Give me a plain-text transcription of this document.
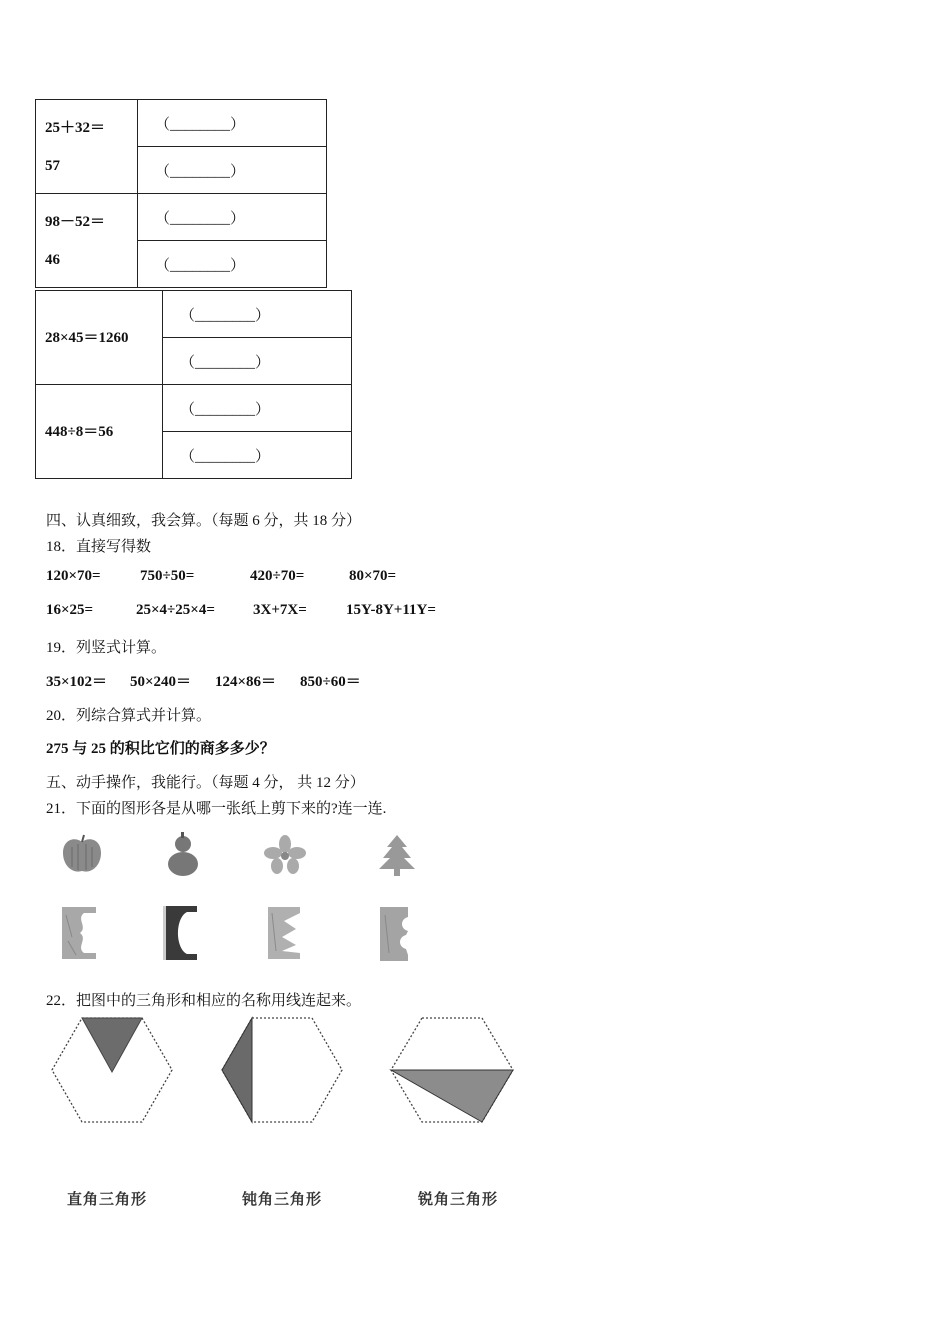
25＋32＝
57	（________）
	（________）

98－52＝
46	（________）
	（________）
28×45＝1260	（________）
	（________）
448÷8＝56	（________）
	（________）
四、认真细致，我会算。（每题 6 分，共 18 分）
18．直接写得数
120×70=	750÷50=	420÷70=	80×70=
16×25=	25×4÷25×4=	3X+7X=	15Y-8Y+11Y=
19．列竖式计算。
35×102＝ 50×240＝ 124×86＝ 850÷60＝
20．列综合算式并计算。
275 与 25 的积比它们的商多多少？
五、动手操作，我能行。（每题 4 分， 共 12 分）
21．下面的图形各是从哪一张纸上剪下来的?连一连.
22．把图中的三角形和相应的名称用线连起来。
直角三角形	钝角三角形	锐角三角形
